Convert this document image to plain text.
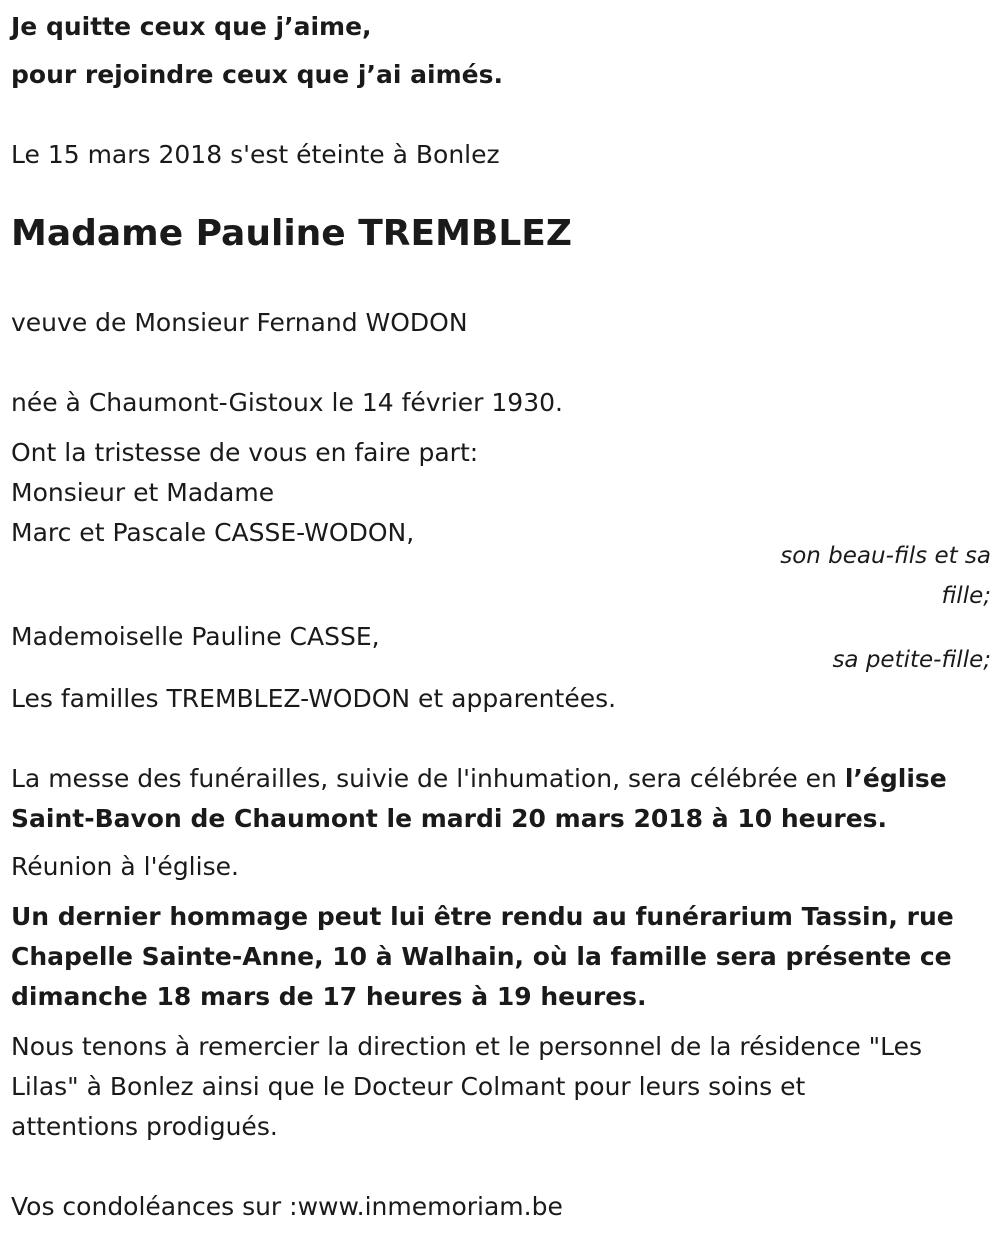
Je quitte ceux que j’aime,
pour rejoindre ceux que j’ai aimés.
Le 15 mars 2018 s'est éteinte à Bonlez
Madame Pauline TREMBLEZ
veuve de Monsieur Fernand WODON
née à Chaumont-Gistoux le 14 février 1930.
Ont la tristesse de vous en faire part:
Monsieur et Madame
Marc et Pascale CASSE-WODON,
son beau-fils et sa
fille;
Mademoiselle Pauline CASSE,
sa petite-fille;
Les familles TREMBLEZ-WODON et apparentées.
La messe des funérailles, suivie de l'inhumation, sera célébrée en l’église
Saint-Bavon de Chaumont le mardi 20 mars 2018 à 10 heures.
Réunion à l'église.
Un dernier hommage peut lui être rendu au funérarium Tassin, rue
Chapelle Sainte-Anne, 10 à Walhain, où la famille sera présente ce
dimanche 18 mars de 17 heures à 19 heures.
Nous tenons à remercier la direction et le personnel de la résidence "Les
Lilas" à Bonlez ainsi que le Docteur Colmant pour leurs soins et
attentions prodigués.
Vos condoléances sur :www.inmemoriam.be
